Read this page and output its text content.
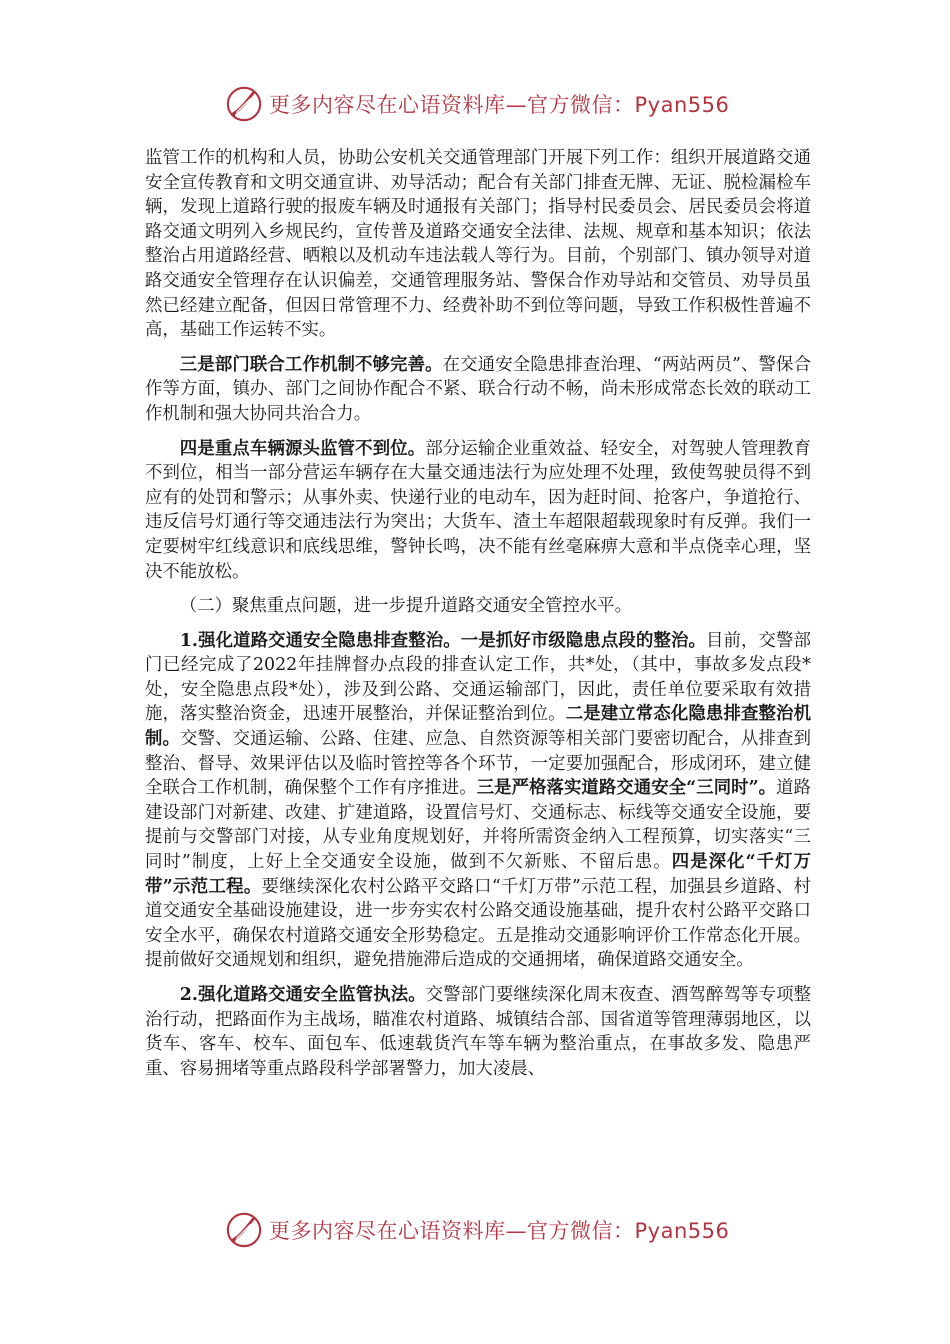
更多内容尽在心语资料库—官方微信：Pyan556

监管工作的机构和人员，协助公安机关交通管理部门开展下列工作：组织开展道路交通安全宣传教育和文明交通宣讲、劝导活动；配合有关部门排查无牌、无证、脱检漏检车辆，发现上道路行驶的报废车辆及时通报有关部门；指导村民委员会、居民委员会将道路交通文明列入乡规民约，宣传普及道路交通安全法律、法规、规章和基本知识；依法整治占用道路经营、晒粮以及机动车违法载人等行为。目前，个别部门、镇办领导对道路交通安全管理存在认识偏差，交通管理服务站、警保合作劝导站和交管员、劝导员虽然已经建立配备，但因日常管理不力、经费补助不到位等问题，导致工作积极性普遍不高，基础工作运转不实。

三是部门联合工作机制不够完善。在交通安全隐患排查治理、“两站两员”、警保合作等方面，镇办、部门之间协作配合不紧、联合行动不畅，尚未形成常态长效的联动工作机制和强大协同共治合力。

四是重点车辆源头监管不到位。部分运输企业重效益、轻安全，对驾驶人管理教育不到位，相当一部分营运车辆存在大量交通违法行为应处理不处理，致使驾驶员得不到应有的处罚和警示；从事外卖、快递行业的电动车，因为赶时间、抢客户，争道抢行、违反信号灯通行等交通违法行为突出；大货车、渣土车超限超载现象时有反弹。我们一定要树牢红线意识和底线思维，警钟长鸣，决不能有丝毫麻痹大意和半点侥幸心理，坚决不能放松。

（二）聚焦重点问题，进一步提升道路交通安全管控水平。

1.强化道路交通安全隐患排查整治。一是抓好市级隐患点段的整治。目前，交警部门已经完成了2022年挂牌督办点段的排查认定工作，共*处，（其中，事故多发点段*处，安全隐患点段*处），涉及到公路、交通运输部门，因此，责任单位要采取有效措施，落实整治资金，迅速开展整治，并保证整治到位。二是建立常态化隐患排查整治机制。交警、交通运输、公路、住建、应急、自然资源等相关部门要密切配合，从排查到整治、督导、效果评估以及临时管控等各个环节，一定要加强配合，形成闭环，建立健全联合工作机制，确保整个工作有序推进。三是严格落实道路交通安全“三同时”。道路建设部门对新建、改建、扩建道路，设置信号灯、交通标志、标线等交通安全设施，要提前与交警部门对接，从专业角度规划好，并将所需资金纳入工程预算，切实落实“三同时”制度，上好上全交通安全设施，做到不欠新账、不留后患。四是深化“千灯万带”示范工程。要继续深化农村公路平交路口“千灯万带”示范工程，加强县乡道路、村道交通安全基础设施建设，进一步夯实农村公路交通设施基础，提升农村公路平交路口安全水平，确保农村道路交通安全形势稳定。五是推动交通影响评价工作常态化开展。提前做好交通规划和组织，避免措施滞后造成的交通拥堵，确保道路交通安全。

2.强化道路交通安全监管执法。交警部门要继续深化周末夜查、酒驾醉驾等专项整治行动，把路面作为主战场，瞄准农村道路、城镇结合部、国省道等管理薄弱地区，以货车、客车、校车、面包车、低速载货汽车等车辆为整治重点，在事故多发、隐患严重、容易拥堵等重点路段科学部署警力，加大凌晨、

更多内容尽在心语资料库—官方微信：Pyan556
